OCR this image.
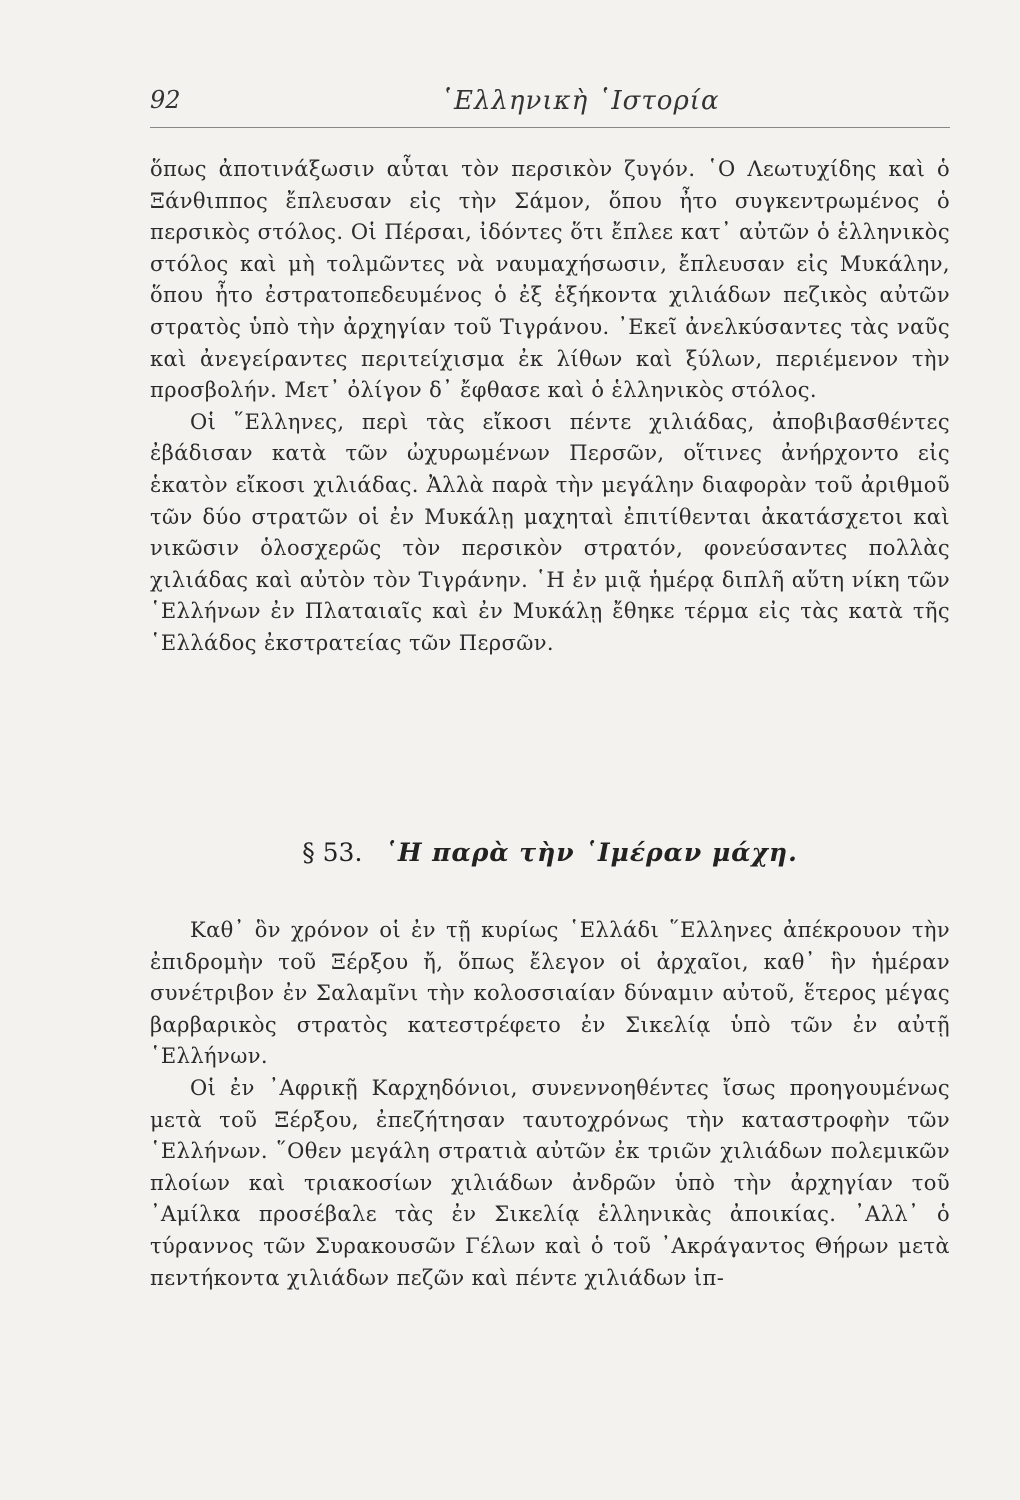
92	῾Ελληνικὴ ῾Ιστορία

ὅπως ἀποτινάξωσιν αὗται τὸν περσικὸν ζυγόν. ῾Ο Λεωτυχίδης καὶ ὁ Ξάνθιππος ἔπλευσαν εἰς τὴν Σάμον, ὅπου ἦτο συγκεντρωμένος ὁ περσικὸς στόλος. Οἱ Πέρσαι, ἰδόντες ὅτι ἔπλεε κατ᾿ αὐτῶν ὁ ἑλληνικὸς στόλος καὶ μὴ τολμῶντες νὰ ναυμαχήσωσιν, ἔπλευσαν εἰς Μυκάλην, ὅπου ἦτο ἐστρατοπεδευμένος ὁ ἐξ ἑξήκοντα χιλιάδων πεζικὸς αὐτῶν στρατὸς ὑπὸ τὴν ἀρχηγίαν τοῦ Τιγράνου. ᾿Εκεῖ ἀνελκύσαντες τὰς ναῦς καὶ ἀνεγείραντες περιτείχισμα ἐκ λίθων καὶ ξύλων, περιέμενον τὴν προσβολήν. Μετ᾿ ὀλίγον δ᾿ ἔφθασε καὶ ὁ ἑλληνικὸς στόλος.

Οἱ ῞Ελληνες, περὶ τὰς εἴκοσι πέντε χιλιάδας, ἀποβιβασθέντες ἐβάδισαν κατὰ τῶν ὠχυρωμένων Περσῶν, οἵτινες ἀνήρχοντο εἰς ἑκατὸν εἴκοσι χιλιάδας. Ἀλλὰ παρὰ τὴν μεγάλην διαφορὰν τοῦ ἀριθμοῦ τῶν δύο στρατῶν οἱ ἐν Μυκάλῃ μαχηταὶ ἐπιτίθενται ἀκατάσχετοι καὶ νικῶσιν ὁλοσχερῶς τὸν περσικὸν στρατόν, φονεύσαντες πολλὰς χιλιάδας καὶ αὐτὸν τὸν Τιγράνην. ῾Η ἐν μιᾷ ἡμέρᾳ διπλῆ αὕτη νίκη τῶν ῾Ελλήνων ἐν Πλαταιαῖς καὶ ἐν Μυκάλῃ ἔθηκε τέρμα εἰς τὰς κατὰ τῆς ῾Ελλάδος ἐκστρατείας τῶν Περσῶν.

§ 53. ῾Η παρὰ τὴν ῾Ιμέραν μάχη.

Καθ᾿ ὃν χρόνον οἱ ἐν τῇ κυρίως ῾Ελλάδι ῞Ελληνες ἀπέκρουον τὴν ἐπιδρομὴν τοῦ Ξέρξου ἤ, ὅπως ἔλεγον οἱ ἀρχαῖοι, καθ᾿ ἣν ἡμέραν συνέτριβον ἐν Σαλαμῖνι τὴν κολοσσιαίαν δύναμιν αὐτοῦ, ἕτερος μέγας βαρβαρικὸς στρατὸς κατεστρέφετο ἐν Σικελίᾳ ὑπὸ τῶν ἐν αὐτῇ ῾Ελλήνων.

Οἱ ἐν ᾿Αφρικῇ Καρχηδόνιοι, συνεννοηθέντες ἴσως προηγουμένως μετὰ τοῦ Ξέρξου, ἐπεζήτησαν ταυτοχρόνως τὴν καταστροφὴν τῶν ῾Ελλήνων. ῞Οθεν μεγάλη στρατιὰ αὐτῶν ἐκ τριῶν χιλιάδων πολεμικῶν πλοίων καὶ τριακοσίων χιλιάδων ἀνδρῶν ὑπὸ τὴν ἀρχηγίαν τοῦ ᾿Αμίλκα προσέβαλε τὰς ἐν Σικελίᾳ ἑλληνικὰς ἀποικίας. ᾿Αλλ᾿ ὁ τύραννος τῶν Συρακουσῶν Γέλων καὶ ὁ τοῦ ᾿Ακράγαντος Θήρων μετὰ πεντήκοντα χιλιάδων πεζῶν καὶ πέντε χιλιάδων ἱπ-
